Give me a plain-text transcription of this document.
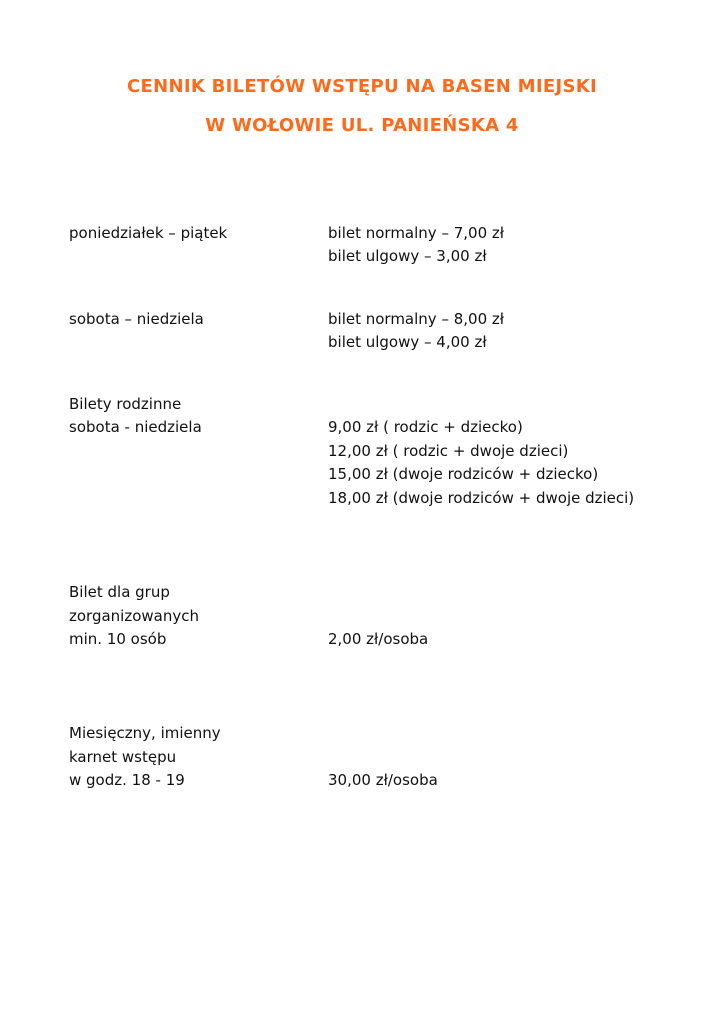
CENNIK BILETÓW WSTĘPU NA BASEN MIEJSKI
W WOŁOWIE UL. PANIEŃSKA 4
poniedziałek – piątek	bilet normalny – 7,00 zł
bilet ulgowy – 3,00 zł
sobota – niedziela	bilet normalny – 8,00 zł
bilet ulgowy – 4,00 zł
Bilety rodzinne
sobota - niedziela	9,00 zł ( rodzic + dziecko)
12,00 zł ( rodzic + dwoje dzieci)
15,00 zł (dwoje rodziców + dziecko)
18,00 zł (dwoje rodziców + dwoje dzieci)
Bilet dla grup
zorganizowanych
min. 10 osób	2,00 zł/osoba
Miesięczny, imienny
karnet wstępu
w godz. 18 - 19	30,00 zł/osoba
